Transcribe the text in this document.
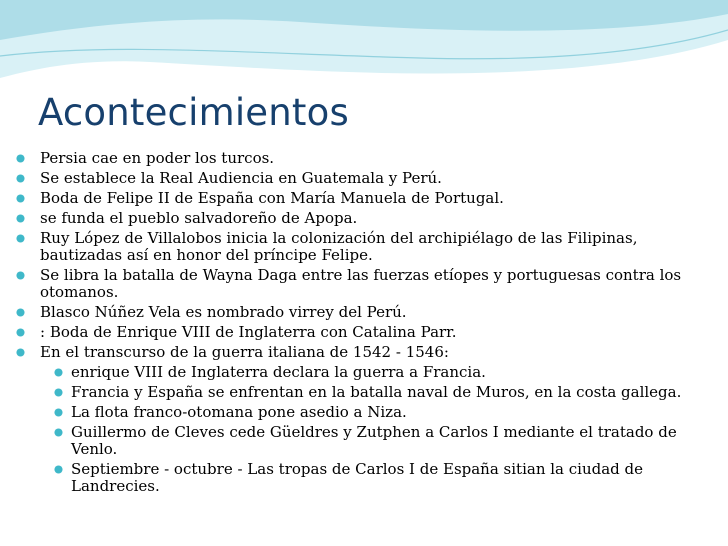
Acontecimientos
Persia cae en poder los turcos.
Se establece la Real Audiencia en Guatemala y Perú.
Boda de Felipe II de España con María Manuela de Portugal.
se funda el pueblo salvadoreño de Apopa.
Ruy López de Villalobos inicia la colonización del archipiélago de las Filipinas, bautizadas así en honor del príncipe Felipe.
Se libra la batalla de Wayna Daga entre las fuerzas etíopes y portuguesas contra los otomanos.
Blasco Núñez Vela es nombrado virrey del Perú.
: Boda de Enrique VIII de Inglaterra con Catalina Parr.
En el transcurso de la guerra italiana de 1542 - 1546:
enrique VIII de Inglaterra declara la guerra a Francia.
Francia y España se enfrentan en la batalla naval de Muros, en la costa gallega.
La flota franco-otomana pone asedio a Niza.
Guillermo de Cleves cede Güeldres y Zutphen a Carlos I mediante el tratado de Venlo.
Septiembre - octubre - Las tropas de Carlos I de España sitian la ciudad de Landrecies.
